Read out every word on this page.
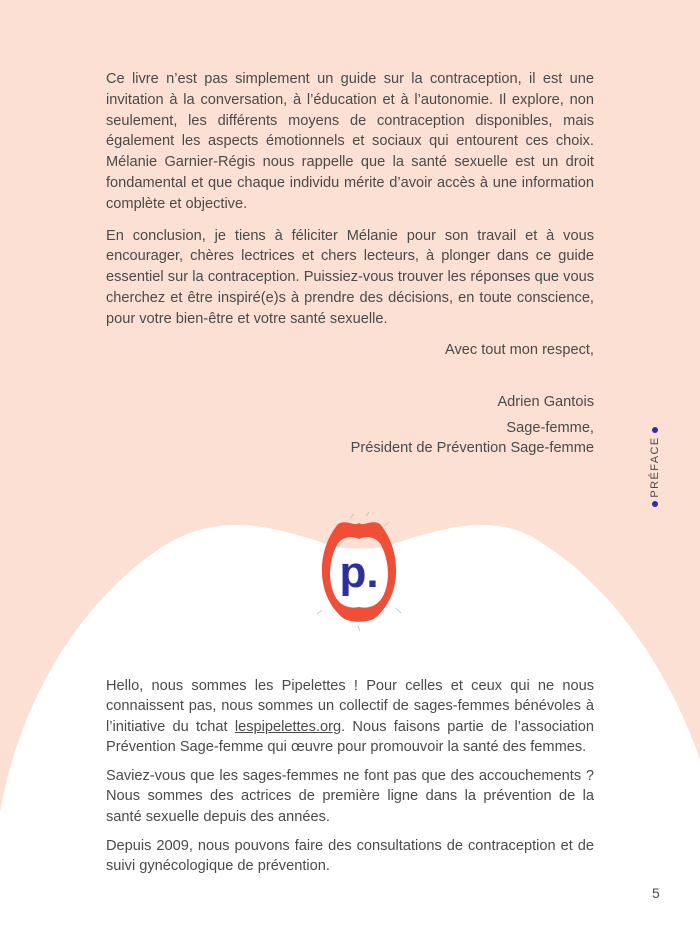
Ce livre n’est pas simplement un guide sur la contraception, il est une invitation à la conversation, à l’éducation et à l’autonomie. Il explore, non seulement, les différents moyens de contraception disponibles, mais également les aspects émotionnels et sociaux qui entourent ces choix. Mélanie Garnier-Régis nous rappelle que la santé sexuelle est un droit fondamental et que chaque individu mérite d’avoir accès à une information complète et objective.

En conclusion, je tiens à féliciter Mélanie pour son travail et à vous encourager, chères lectrices et chers lecteurs, à plonger dans ce guide essentiel sur la contraception. Puissiez-vous trouver les réponses que vous cherchez et être inspiré(e)s à prendre des décisions, en toute conscience, pour votre bien-être et votre santé sexuelle.

Avec tout mon respect,
Adrien Gantois
Sage-femme,
Président de Prévention Sage-femme	PRÉFACE
p.

Hello, nous sommes les Pipelettes ! Pour celles et ceux qui ne nous connaissent pas, nous sommes un collectif de sages-femmes bénévoles à l’initiative du tchat lespipelettes.org. Nous faisons partie de l’association Prévention Sage-femme qui œuvre pour promouvoir la santé des femmes.

Saviez-vous que les sages-femmes ne font pas que des accouchements ? Nous sommes des actrices de première ligne dans la prévention de la santé sexuelle depuis des années.

Depuis 2009, nous pouvons faire des consultations de contraception et de suivi gynécologique de prévention.

5
